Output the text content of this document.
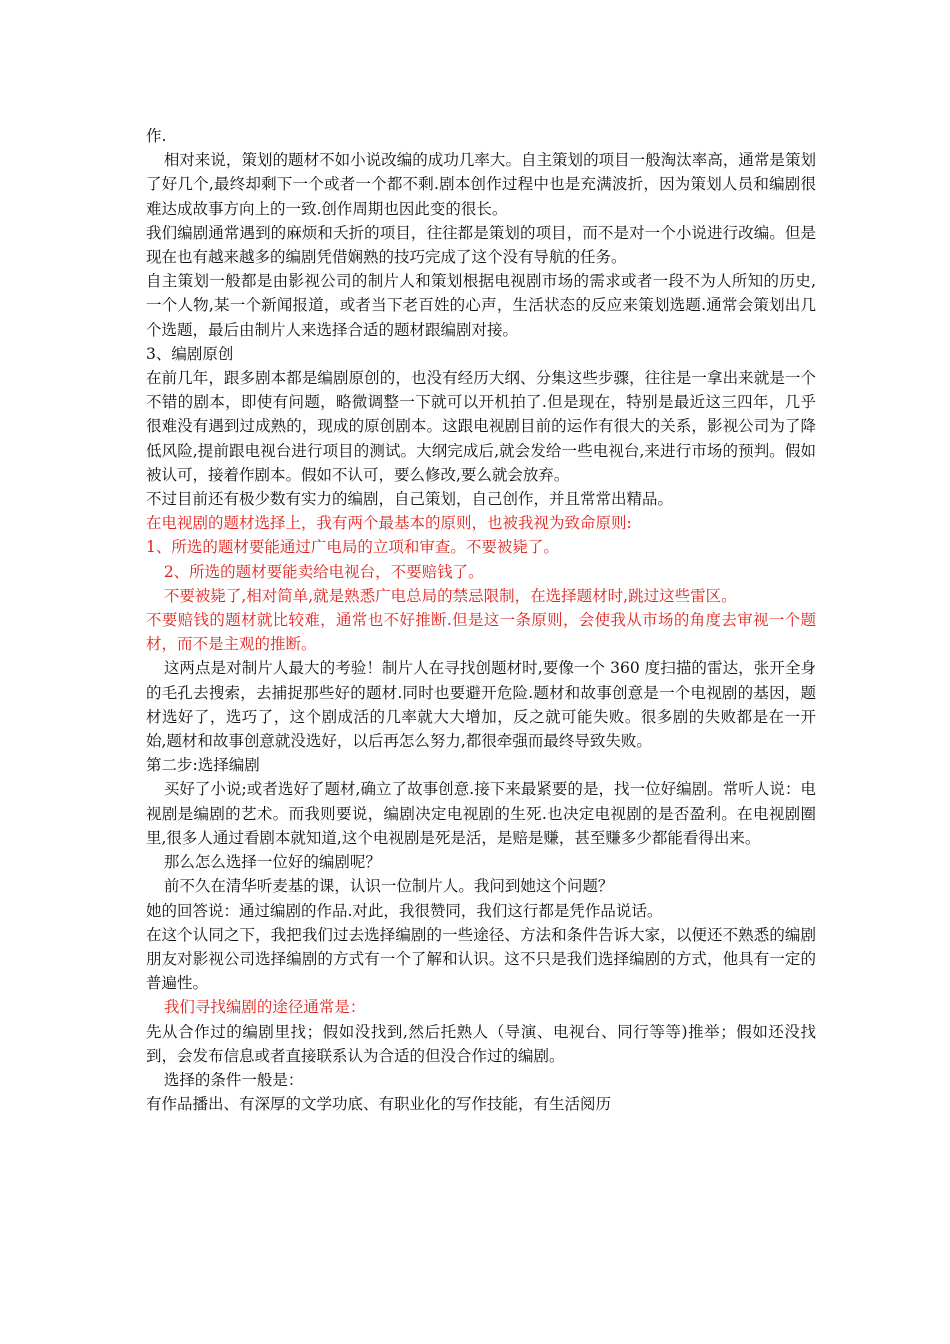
作.

相对来说，策划的题材不如小说改编的成功几率大。自主策划的项目一般淘汰率高，通常是策划了好几个,最终却剩下一个或者一个都不剩.剧本创作过程中也是充满波折，因为策划人员和编剧很难达成故事方向上的一致.创作周期也因此变的很长。

我们编剧通常遇到的麻烦和夭折的项目，往往都是策划的项目，而不是对一个小说进行改编。但是现在也有越来越多的编剧凭借娴熟的技巧完成了这个没有导航的任务。

自主策划一般都是由影视公司的制片人和策划根据电视剧市场的需求或者一段不为人所知的历史,一个人物,某一个新闻报道，或者当下老百姓的心声，生活状态的反应来策划选题.通常会策划出几个选题，最后由制片人来选择合适的题材跟编剧对接。

3、编剧原创

在前几年，跟多剧本都是编剧原创的，也没有经历大纲、分集这些步骤，往往是一拿出来就是一个不错的剧本，即使有问题，略微调整一下就可以开机拍了.但是现在，特别是最近这三四年，几乎很难没有遇到过成熟的，现成的原创剧本。这跟电视剧目前的运作有很大的关系，影视公司为了降低风险,提前跟电视台进行项目的测试。大纲完成后,就会发给一些电视台,来进行市场的预判。假如被认可，接着作剧本。假如不认可，要么修改,要么就会放弃。

不过目前还有极少数有实力的编剧，自己策划，自己创作，并且常常出精品。

在电视剧的题材选择上，我有两个最基本的原则，也被我视为致命原则:

1、所选的题材要能通过广电局的立项和审查。不要被毙了。

2、所选的题材要能卖给电视台，不要赔钱了。

不要被毙了,相对简单,就是熟悉广电总局的禁忌限制，在选择题材时,跳过这些雷区。

不要赔钱的题材就比较难，通常也不好推断.但是这一条原则，会使我从市场的角度去审视一个题材，而不是主观的推断。

这两点是对制片人最大的考验！制片人在寻找创题材时,要像一个 360 度扫描的雷达，张开全身的毛孔去搜索，去捕捉那些好的题材.同时也要避开危险.题材和故事创意是一个电视剧的基因，题材选好了，选巧了，这个剧成活的几率就大大增加，反之就可能失败。很多剧的失败都是在一开始,题材和故事创意就没选好，以后再怎么努力,都很牵强而最终导致失败。

第二步:选择编剧

买好了小说;或者选好了题材,确立了故事创意.接下来最紧要的是，找一位好编剧。常听人说：电视剧是编剧的艺术。而我则要说，编剧决定电视剧的生死.也决定电视剧的是否盈利。在电视剧圈里,很多人通过看剧本就知道,这个电视剧是死是活，是赔是赚，甚至赚多少都能看得出来。

那么怎么选择一位好的编剧呢？

前不久在清华听麦基的课，认识一位制片人。我问到她这个问题？

她的回答说：通过编剧的作品.对此，我很赞同，我们这行都是凭作品说话。

在这个认同之下，我把我们过去选择编剧的一些途径、方法和条件告诉大家，以便还不熟悉的编剧朋友对影视公司选择编剧的方式有一个了解和认识。这不只是我们选择编剧的方式，他具有一定的普遍性。

我们寻找编剧的途径通常是：

先从合作过的编剧里找；假如没找到,然后托熟人（导演、电视台、同行等等)推举；假如还没找到，会发布信息或者直接联系认为合适的但没合作过的编剧。

选择的条件一般是：

有作品播出、有深厚的文学功底、有职业化的写作技能，有生活阅历
